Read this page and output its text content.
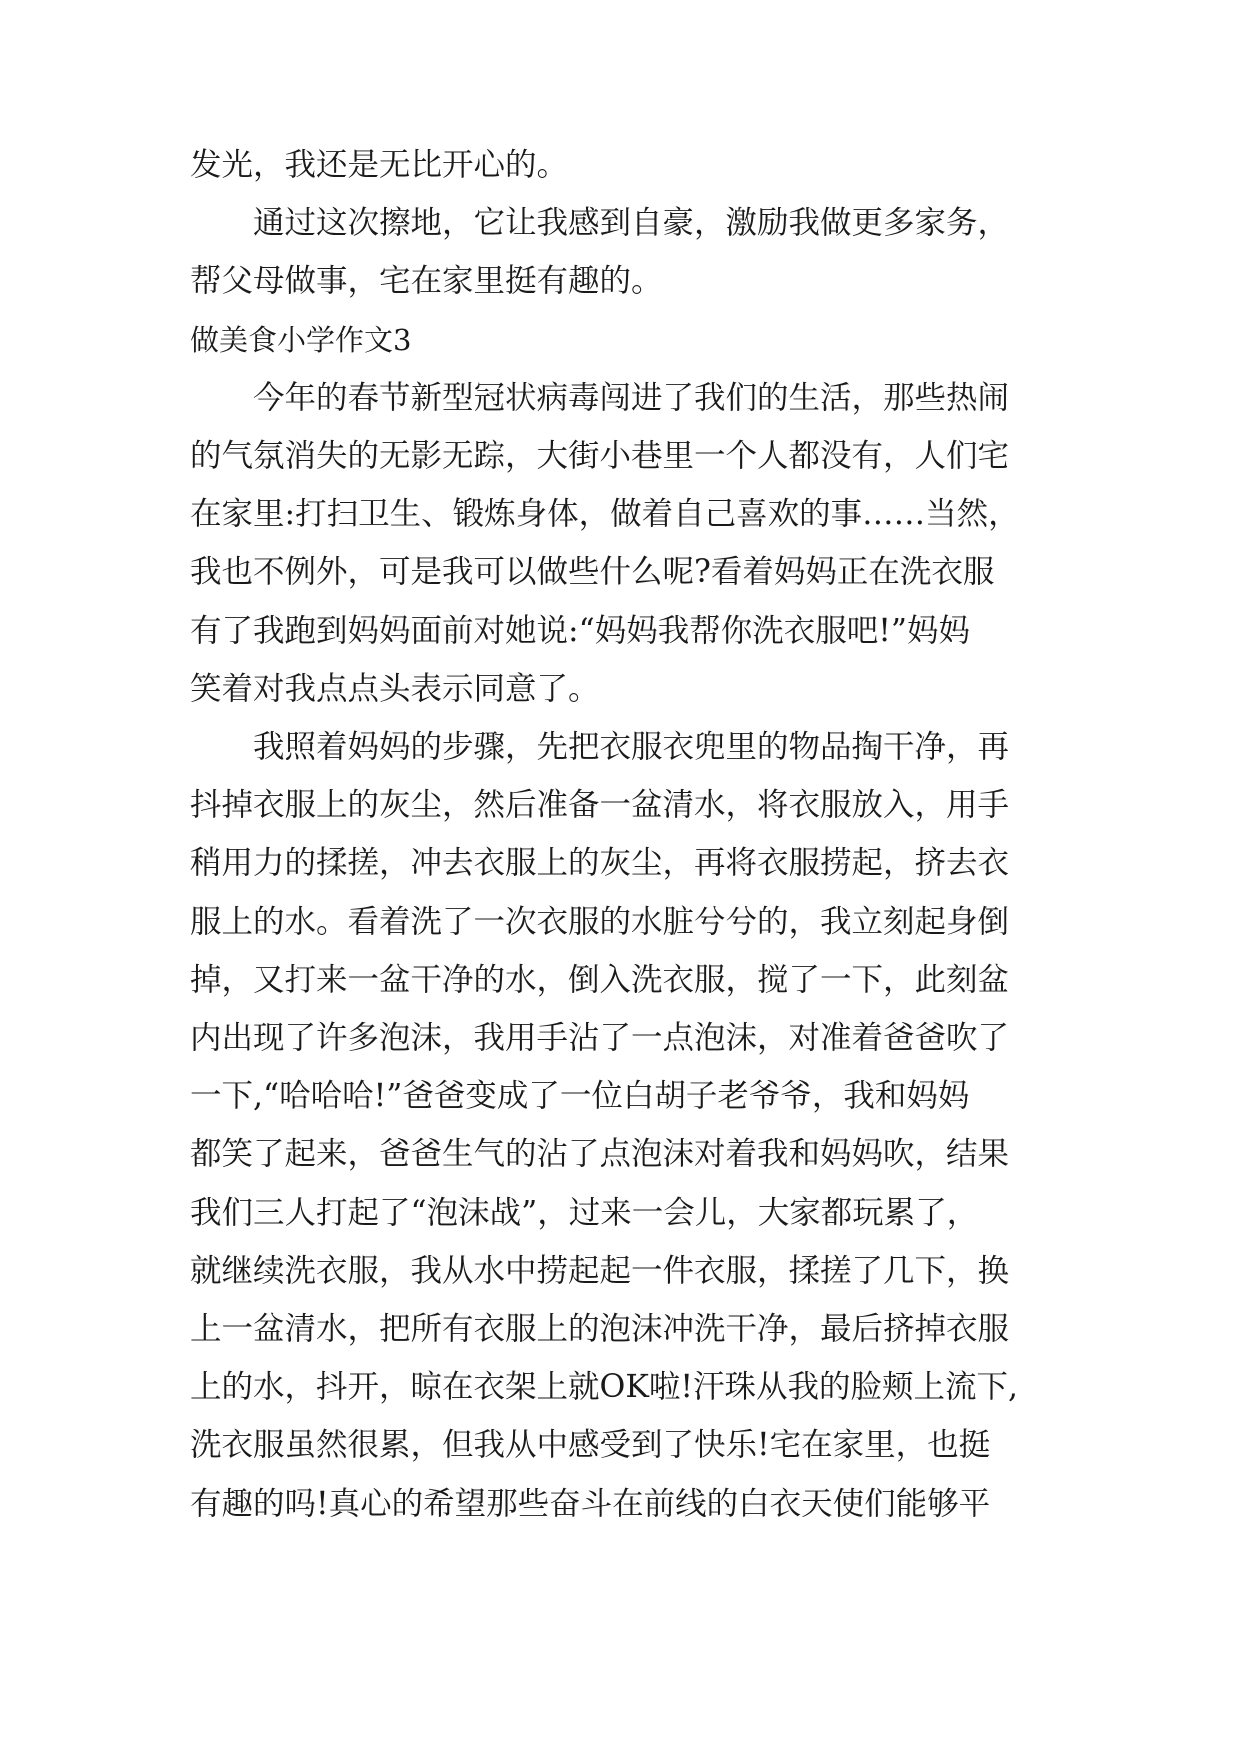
发光，我还是无比开心的。
通过这次擦地，它让我感到自豪，激励我做更多家务，
帮父母做事，宅在家里挺有趣的。
做美食小学作文3
今年的春节新型冠状病毒闯进了我们的生活，那些热闹
的气氛消失的无影无踪，大街小巷里一个人都没有，人们宅
在家里:打扫卫生、锻炼身体，做着自己喜欢的事……当然，
我也不例外，可是我可以做些什么呢?看着妈妈正在洗衣服
有了我跑到妈妈面前对她说:“妈妈我帮你洗衣服吧!”妈妈
笑着对我点点头表示同意了。
我照着妈妈的步骤，先把衣服衣兜里的物品掏干净，再
抖掉衣服上的灰尘，然后准备一盆清水，将衣服放入，用手
稍用力的揉搓，冲去衣服上的灰尘，再将衣服捞起，挤去衣
服上的水。看着洗了一次衣服的水脏兮兮的，我立刻起身倒
掉，又打来一盆干净的水，倒入洗衣服，搅了一下，此刻盆
内出现了许多泡沫，我用手沾了一点泡沫，对准着爸爸吹了
一下,“哈哈哈!”爸爸变成了一位白胡子老爷爷，我和妈妈
都笑了起来，爸爸生气的沾了点泡沫对着我和妈妈吹，结果
我们三人打起了“泡沫战”，过来一会儿，大家都玩累了，
就继续洗衣服，我从水中捞起起一件衣服，揉搓了几下，换
上一盆清水，把所有衣服上的泡沫冲洗干净，最后挤掉衣服
上的水，抖开，晾在衣架上就OK啦!汗珠从我的脸颊上流下,
洗衣服虽然很累，但我从中感受到了快乐!宅在家里，也挺
有趣的吗!真心的希望那些奋斗在前线的白衣天使们能够平
